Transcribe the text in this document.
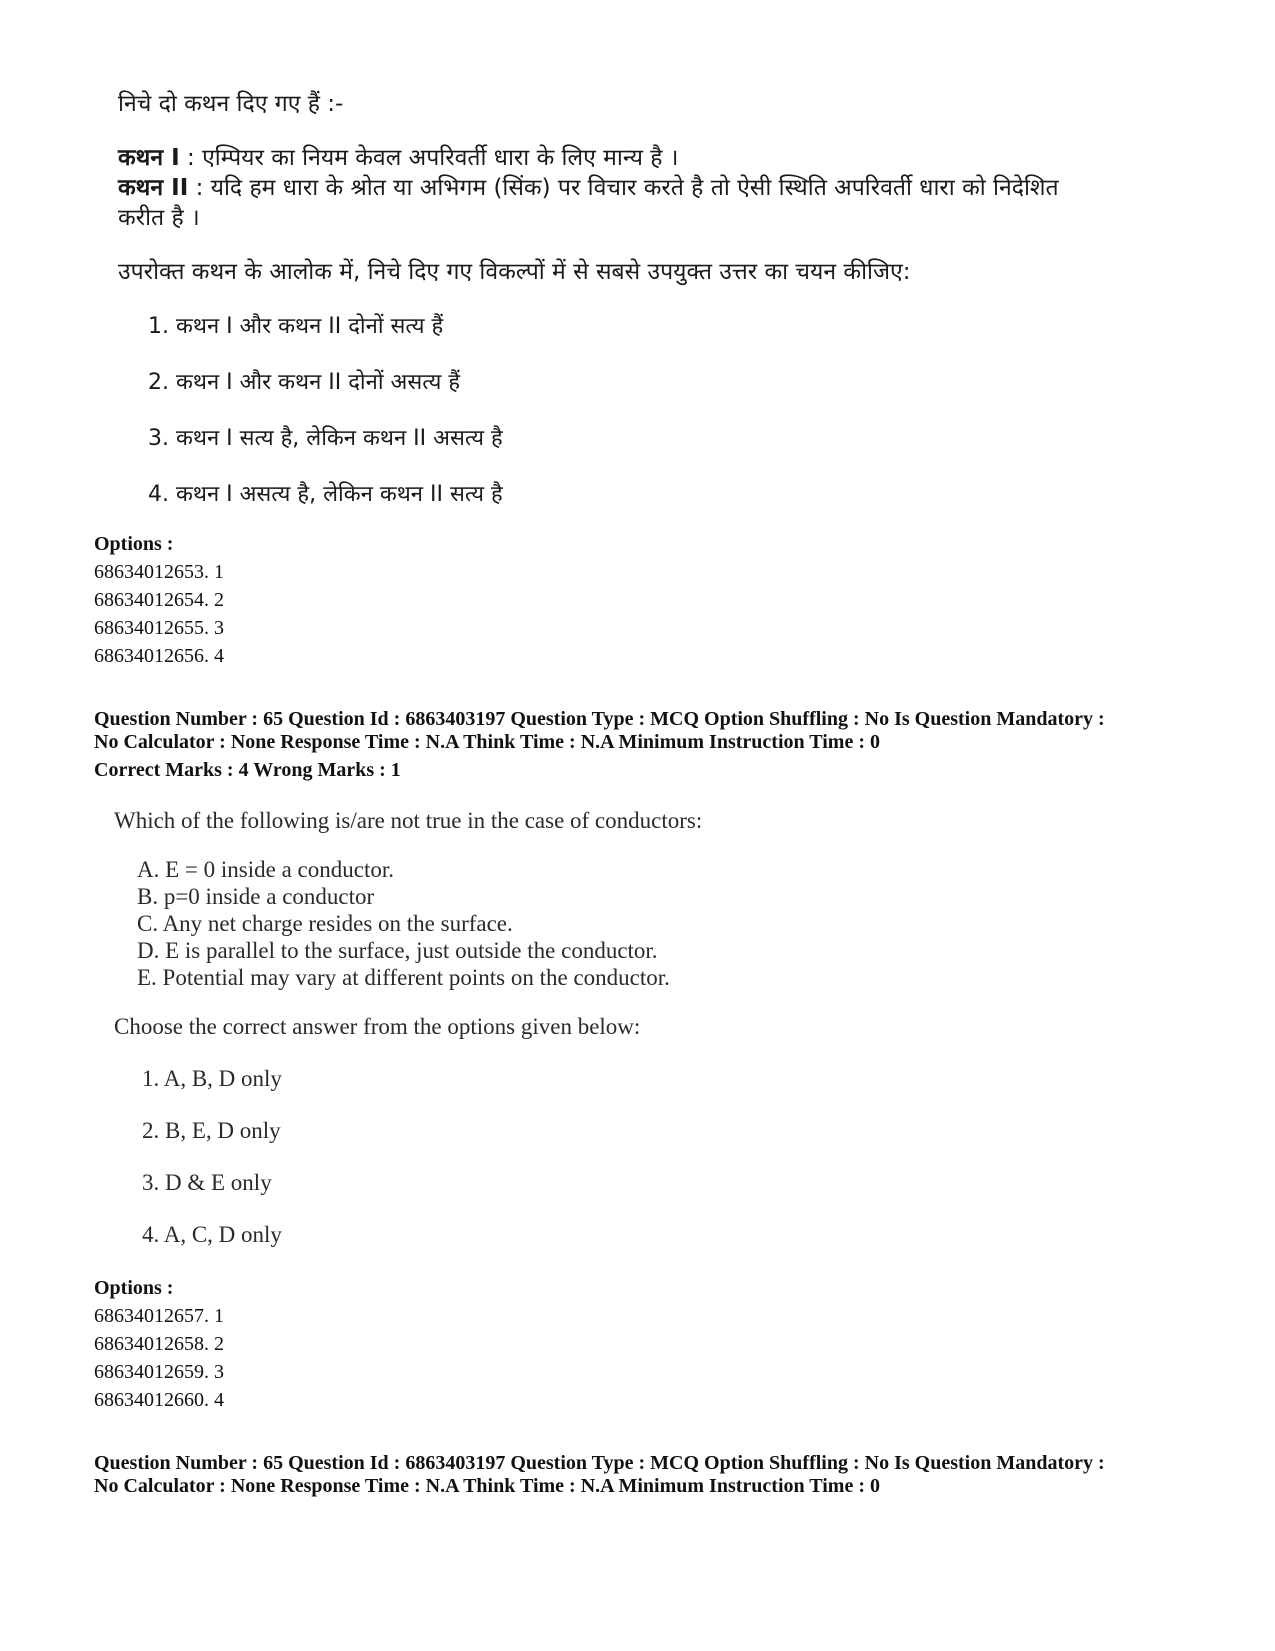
निचे दो कथन दिए गए हैं :-
कथन I : एम्पियर का नियम केवल अपरिवर्ती धारा के लिए मान्य है ।
कथन II : यदि हम धारा के श्रोत या अभिगम (सिंक) पर विचार करते है तो ऐसी स्थिति अपरिवर्ती धारा को निदेशित
करीत है ।
उपरोक्त कथन के आलोक में, निचे दिए गए विकल्पों में से सबसे उपयुक्त उत्तर का चयन कीजिए:
1. कथन I और कथन II दोनों सत्य हैं
2. कथन I और कथन II दोनों असत्य हैं
3. कथन I सत्य है, लेकिन कथन II असत्य है
4. कथन I असत्य है, लेकिन कथन II सत्य है
Options :
68634012653. 1
68634012654. 2
68634012655. 3
68634012656. 4
Question Number : 65 Question Id : 6863403197 Question Type : MCQ Option Shuffling : No Is Question Mandatory :
No Calculator : None Response Time : N.A Think Time : N.A Minimum Instruction Time : 0
Correct Marks : 4 Wrong Marks : 1
Which of the following is/are not true in the case of conductors:
A. E = 0 inside a conductor.
B. p=0 inside a conductor
C. Any net charge resides on the surface.
D. E is parallel to the surface, just outside the conductor.
E. Potential may vary at different points on the conductor.
Choose the correct answer from the options given below:
1. A, B, D only
2. B, E, D only
3. D & E only
4. A, C, D only
Options :
68634012657. 1
68634012658. 2
68634012659. 3
68634012660. 4
Question Number : 65 Question Id : 6863403197 Question Type : MCQ Option Shuffling : No Is Question Mandatory :
No Calculator : None Response Time : N.A Think Time : N.A Minimum Instruction Time : 0
